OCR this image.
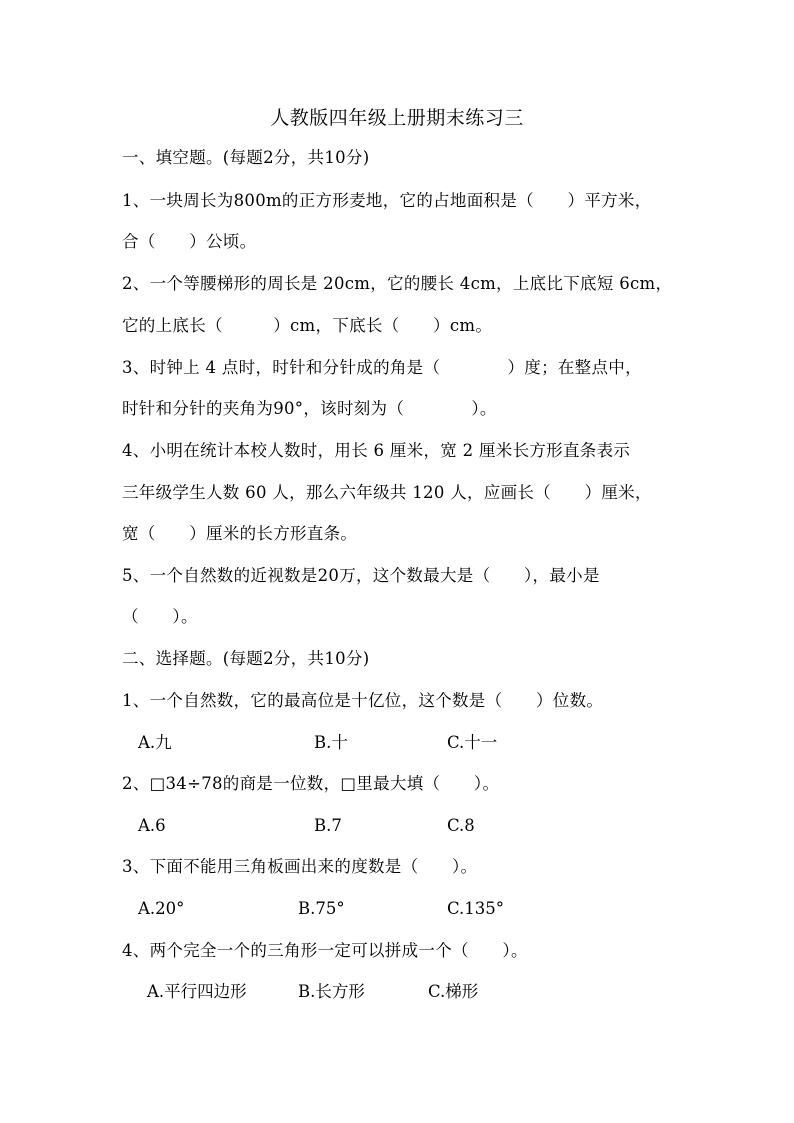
人教版四年级上册期末练习三
一、填空题。(每题2分，共10分)
1、一块周长为800m的正方形麦地，它的占地面积是（　　）平方米，
合（　　）公顷。
2、一个等腰梯形的周长是 20cm，它的腰长 4cm，上底比下底短 6cm，
它的上底长（　　　）cm，下底长（　　）cm。
3、时钟上 4 点时，时针和分针成的角是（　　　　）度；在整点中，
时针和分针的夹角为90°，该时刻为（　　　　）。
4、小明在统计本校人数时，用长 6 厘米，宽 2 厘米长方形直条表示
三年级学生人数 60 人，那么六年级共 120 人，应画长（　　）厘米，
宽（　　）厘米的长方形直条。
5、一个自然数的近视数是20万，这个数最大是（　　），最小是
（　　）。
二、选择题。(每题2分，共10分)
1、一个自然数，它的最高位是十亿位，这个数是（　　）位数。
A.九	B.十	C.十一
2、□34÷78的商是一位数，□里最大填（　　）。
A.6	B.7	C.8
3、下面不能用三角板画出来的度数是（　　）。
A.20°	B.75°	C.135°
4、两个完全一个的三角形一定可以拼成一个（　　）。
A.平行四边形	B.长方形	C.梯形
